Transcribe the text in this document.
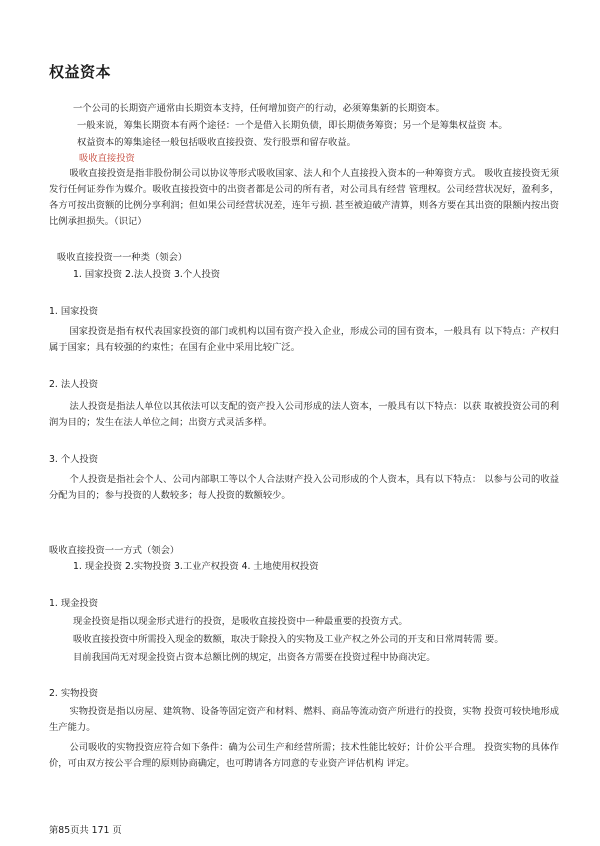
权益资本
一个公司的长期资产通常由长期资本支持，任何增加资产的行动，必须筹集新的长期资本。
一般来说，筹集长期资本有两个途径：一个是借入长期负债，即长期债务筹资；另一个是筹集权益资 本。
权益资本的筹集途径一般包括吸收直接投资、发行股票和留存收益。
吸收直接投资
吸收直接投资是指非股份制公司以协议等形式吸收国家、法人和个人直接投入资本的一种筹资方式。 吸收直接投资无须发行任何证券作为媒介。吸收直接投资中的出资者都是公司的所有者，对公司具有经营 管理权。公司经营状况好，盈利多，各方可按出资额的比例分享利润；但如果公司经营状况差，连年亏损. 甚至被迫破产清算，则各方要在其出资的限额内按出资比例承担损失。（识记）
吸收直接投资一一种类（领会）
1. 国家投资 2.法人投资 3.个人投资
1. 国家投资
国家投资是指有权代表国家投资的部门或机构以国有资产投入企业，形成公司的国有资本，一般具有 以下特点：产权归属于国家；具有较强的约束性；在国有企业中采用比较广泛。
2. 法人投资
法人投资是指法人单位以其依法可以支配的资产投入公司形成的法人资本，一般具有以下特点：以获 取被投资公司的利润为目的；发生在法人单位之间；出资方式灵活多样。
3. 个人投资
个人投资是指社会个人、公司内部职工等以个人合法财产投入公司形成的个人资本，具有以下特点： 以参与公司的收益分配为目的；参与投资的人数较多；每人投资的数额较少。
吸收直接投资一一方式（领会）
1. 现金投资 2.实物投资 3.工业产权投资 4. 土地使用权投资
1. 现金投资
现金投资是指以现金形式进行的投资，是吸收直接投资中一种最重要的投资方式。
吸收直接投资中所需投入现金的数额，取决于除投入的实物及工业产权之外公司的开支和日常周转需 要。
目前我国尚无对现金投资占资本总额比例的规定，出资各方需要在投资过程中协商决定。
2. 实物投资
实物投资是指以房屋、建筑物、设备等固定资产和材料、燃料、商品等流动资产所进行的投资，实物 投资可较快地形成生产能力。
公司吸收的实物投资应符合如下条件：确为公司生产和经营所需；技术性能比较好；计价公平合理。 投资实物的具体作价，可由双方按公平合理的原则协商确定，也可聘请各方同意的专业资产评估机构 评定。
第85页共 171 页
